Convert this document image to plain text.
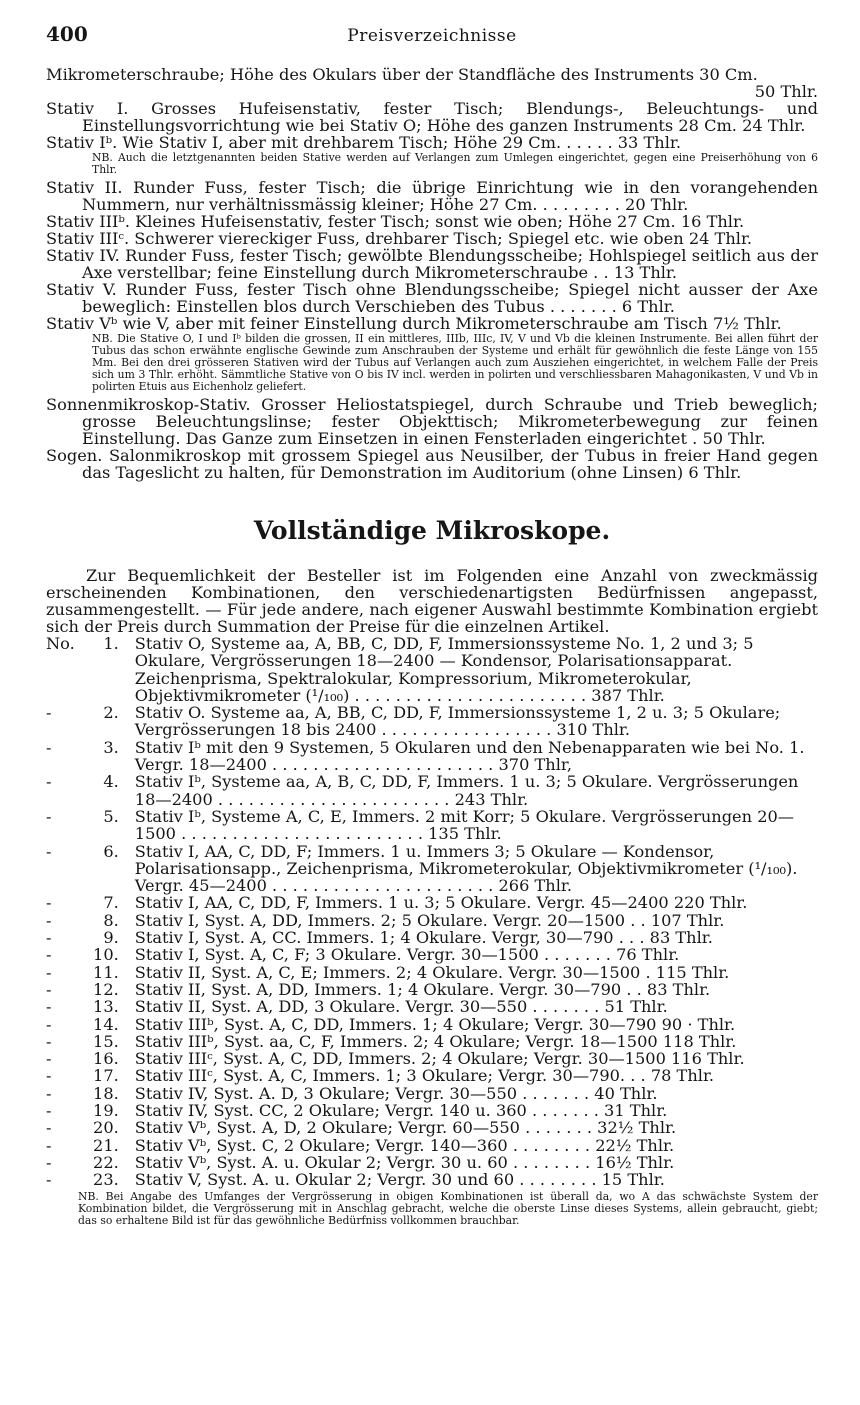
400	Preisverzeichnisse

Mikrometerschraube; Höhe des Okulars über der Standfläche des Instruments 30 Cm.
50 Thlr.

Stativ I. Grosses Hufeisenstativ, fester Tisch; Blendungs-, Beleuchtungs- und Einstellungsvorrichtung wie bei Stativ O; Höhe des ganzen Instruments 28 Cm. 24 Thlr.

Stativ Iᵇ. Wie Stativ I, aber mit drehbarem Tisch; Höhe 29 Cm. . . . . . 33 Thlr.

NB. Auch die letztgenannten beiden Stative werden auf Verlangen zum Umlegen eingerichtet, gegen eine Preiserhöhung von 6 Thlr.

Stativ II. Runder Fuss, fester Tisch; die übrige Einrichtung wie in den vorangehenden Nummern, nur verhältnissmässig kleiner; Höhe 27 Cm. . . . . . . . . 20 Thlr.

Stativ IIIᵇ. Kleines Hufeisenstativ, fester Tisch; sonst wie oben; Höhe 27 Cm. 16 Thlr.

Stativ IIIᶜ. Schwerer viereckiger Fuss, drehbarer Tisch; Spiegel etc. wie oben 24 Thlr.

Stativ IV. Runder Fuss, fester Tisch; gewölbte Blendungsscheibe; Hohlspiegel seitlich aus der Axe verstellbar; feine Einstellung durch Mikrometerschraube . . 13 Thlr.

Stativ V. Runder Fuss, fester Tisch ohne Blendungsscheibe; Spiegel nicht ausser der Axe beweglich: Einstellen blos durch Verschieben des Tubus . . . . . . . 6 Thlr.

Stativ Vᵇ wie V, aber mit feiner Einstellung durch Mikrometerschraube am Tisch 7½ Thlr.

NB. Die Stative O, I und Iᵇ bilden die grossen, II ein mittleres, IIIb, IIIc, IV, V und Vb die kleinen Instrumente. Bei allen führt der Tubus das schon erwähnte englische Gewinde zum Anschrauben der Systeme und erhält für gewöhnlich die feste Länge von 155 Mm. Bei den drei grösseren Stativen wird der Tubus auf Verlangen auch zum Ausziehen eingerichtet, in welchem Falle der Preis sich um 3 Thlr. erhöht. Sämmtliche Stative von O bis IV incl. werden in polirten und verschliessbaren Mahagonikasten, V und Vb in polirten Etuis aus Eichenholz geliefert.

Sonnenmikroskop-Stativ. Grosser Heliostatspiegel, durch Schraube und Trieb beweglich; grosse Beleuchtungslinse; fester Objekttisch; Mikrometerbewegung zur feinen Einstellung. Das Ganze zum Einsetzen in einen Fensterladen eingerichtet . 50 Thlr.

Sogen. Salonmikroskop mit grossem Spiegel aus Neusilber, der Tubus in freier Hand gegen das Tageslicht zu halten, für Demonstration im Auditorium (ohne Linsen) 6 Thlr.

Vollständige Mikroskope.

Zur Bequemlichkeit der Besteller ist im Folgenden eine Anzahl von zweckmässig erscheinenden Kombinationen, den verschiedenartigsten Bedürfnissen angepasst, zusammengestellt. — Für jede andere, nach eigener Auswahl bestimmte Kombination ergiebt sich der Preis durch Summation der Preise für die einzelnen Artikel.

No.	1.	Stativ O, Systeme aa, A, BB, C, DD, F, Immersionssysteme No. 1, 2 und 3; 5 Okulare, Vergrösserungen 18—2400 — Kondensor, Polarisationsapparat. Zeichenprisma, Spektralokular, Kompressorium, Mikrometerokular, Objektivmikrometer (¹/₁₀₀) . . . . . . . . . . . . . . . . . . . . . . . 387 Thlr.
-	2.	Stativ O. Systeme aa, A, BB, C, DD, F, Immersionssysteme 1, 2 u. 3; 5 Okulare; Vergrösserungen 18 bis 2400 . . . . . . . . . . . . . . . . . 310 Thlr.
-	3.	Stativ Iᵇ mit den 9 Systemen, 5 Okularen und den Nebenapparaten wie bei No. 1. Vergr. 18—2400 . . . . . . . . . . . . . . . . . . . . . . 370 Thlr,
-	4.	Stativ Iᵇ, Systeme aa, A, B, C, DD, F, Immers. 1 u. 3; 5 Okulare. Vergrösserungen 18—2400 . . . . . . . . . . . . . . . . . . . . . . . 243 Thlr.
-	5.	Stativ Iᵇ, Systeme A, C, E, Immers. 2 mit Korr; 5 Okulare. Vergrösserungen 20—1500 . . . . . . . . . . . . . . . . . . . . . . . . 135 Thlr.
-	6.	Stativ I, AA, C, DD, F; Immers. 1 u. Immers 3; 5 Okulare — Kondensor, Polarisationsapp., Zeichenprisma, Mikrometerokular, Objektivmikrometer (¹/₁₀₀). Vergr. 45—2400 . . . . . . . . . . . . . . . . . . . . . . 266 Thlr.
-	7.	Stativ I, AA, C, DD, F, Immers. 1 u. 3; 5 Okulare. Vergr. 45—2400 220 Thlr.
-	8.	Stativ I, Syst. A, DD, Immers. 2; 5 Okulare. Vergr. 20—1500 . . 107 Thlr.
-	9.	Stativ I, Syst. A, CC. Immers. 1; 4 Okulare. Vergr, 30—790 . . . 83 Thlr.
-	10.	Stativ I, Syst. A, C, F; 3 Okulare. Vergr. 30—1500 . . . . . . . 76 Thlr.
-	11.	Stativ II, Syst. A, C, E; Immers. 2; 4 Okulare. Vergr. 30—1500 . 115 Thlr.
-	12.	Stativ II, Syst. A, DD, Immers. 1; 4 Okulare. Vergr. 30—790 . . 83 Thlr.
-	13.	Stativ II, Syst. A, DD, 3 Okulare. Vergr. 30—550 . . . . . . . 51 Thlr.
-	14.	Stativ IIIᵇ, Syst. A, C, DD, Immers. 1; 4 Okulare; Vergr. 30—790 90 · Thlr.
-	15.	Stativ IIIᵇ, Syst. aa, C, F, Immers. 2; 4 Okulare; Vergr. 18—1500 118 Thlr.
-	16.	Stativ IIIᶜ, Syst. A, C, DD, Immers. 2; 4 Okulare; Vergr. 30—1500 116 Thlr.
-	17.	Stativ IIIᶜ, Syst. A, C, Immers. 1; 3 Okulare; Vergr. 30—790. . . 78 Thlr.
-	18.	Stativ IV, Syst. A. D, 3 Okulare; Vergr. 30—550 . . . . . . . 40 Thlr.
-	19.	Stativ IV, Syst. CC, 2 Okulare; Vergr. 140 u. 360 . . . . . . . 31 Thlr.
-	20.	Stativ Vᵇ, Syst. A, D, 2 Okulare; Vergr. 60—550 . . . . . . . 32½ Thlr.
-	21.	Stativ Vᵇ, Syst. C, 2 Okulare; Vergr. 140—360 . . . . . . . . 22½ Thlr.
-	22.	Stativ Vᵇ, Syst. A. u. Okular 2; Vergr. 30 u. 60 . . . . . . . . 16½ Thlr.
-	23.	Stativ V, Syst. A. u. Okular 2; Vergr. 30 und 60 . . . . . . . . 15 Thlr.

NB. Bei Angabe des Umfanges der Vergrösserung in obigen Kombinationen ist überall da, wo A das schwächste System der Kombination bildet, die Vergrösserung mit in Anschlag gebracht, welche die oberste Linse dieses Systems, allein gebraucht, giebt; das so erhaltene Bild ist für das gewöhnliche Bedürfniss vollkommen brauchbar.
